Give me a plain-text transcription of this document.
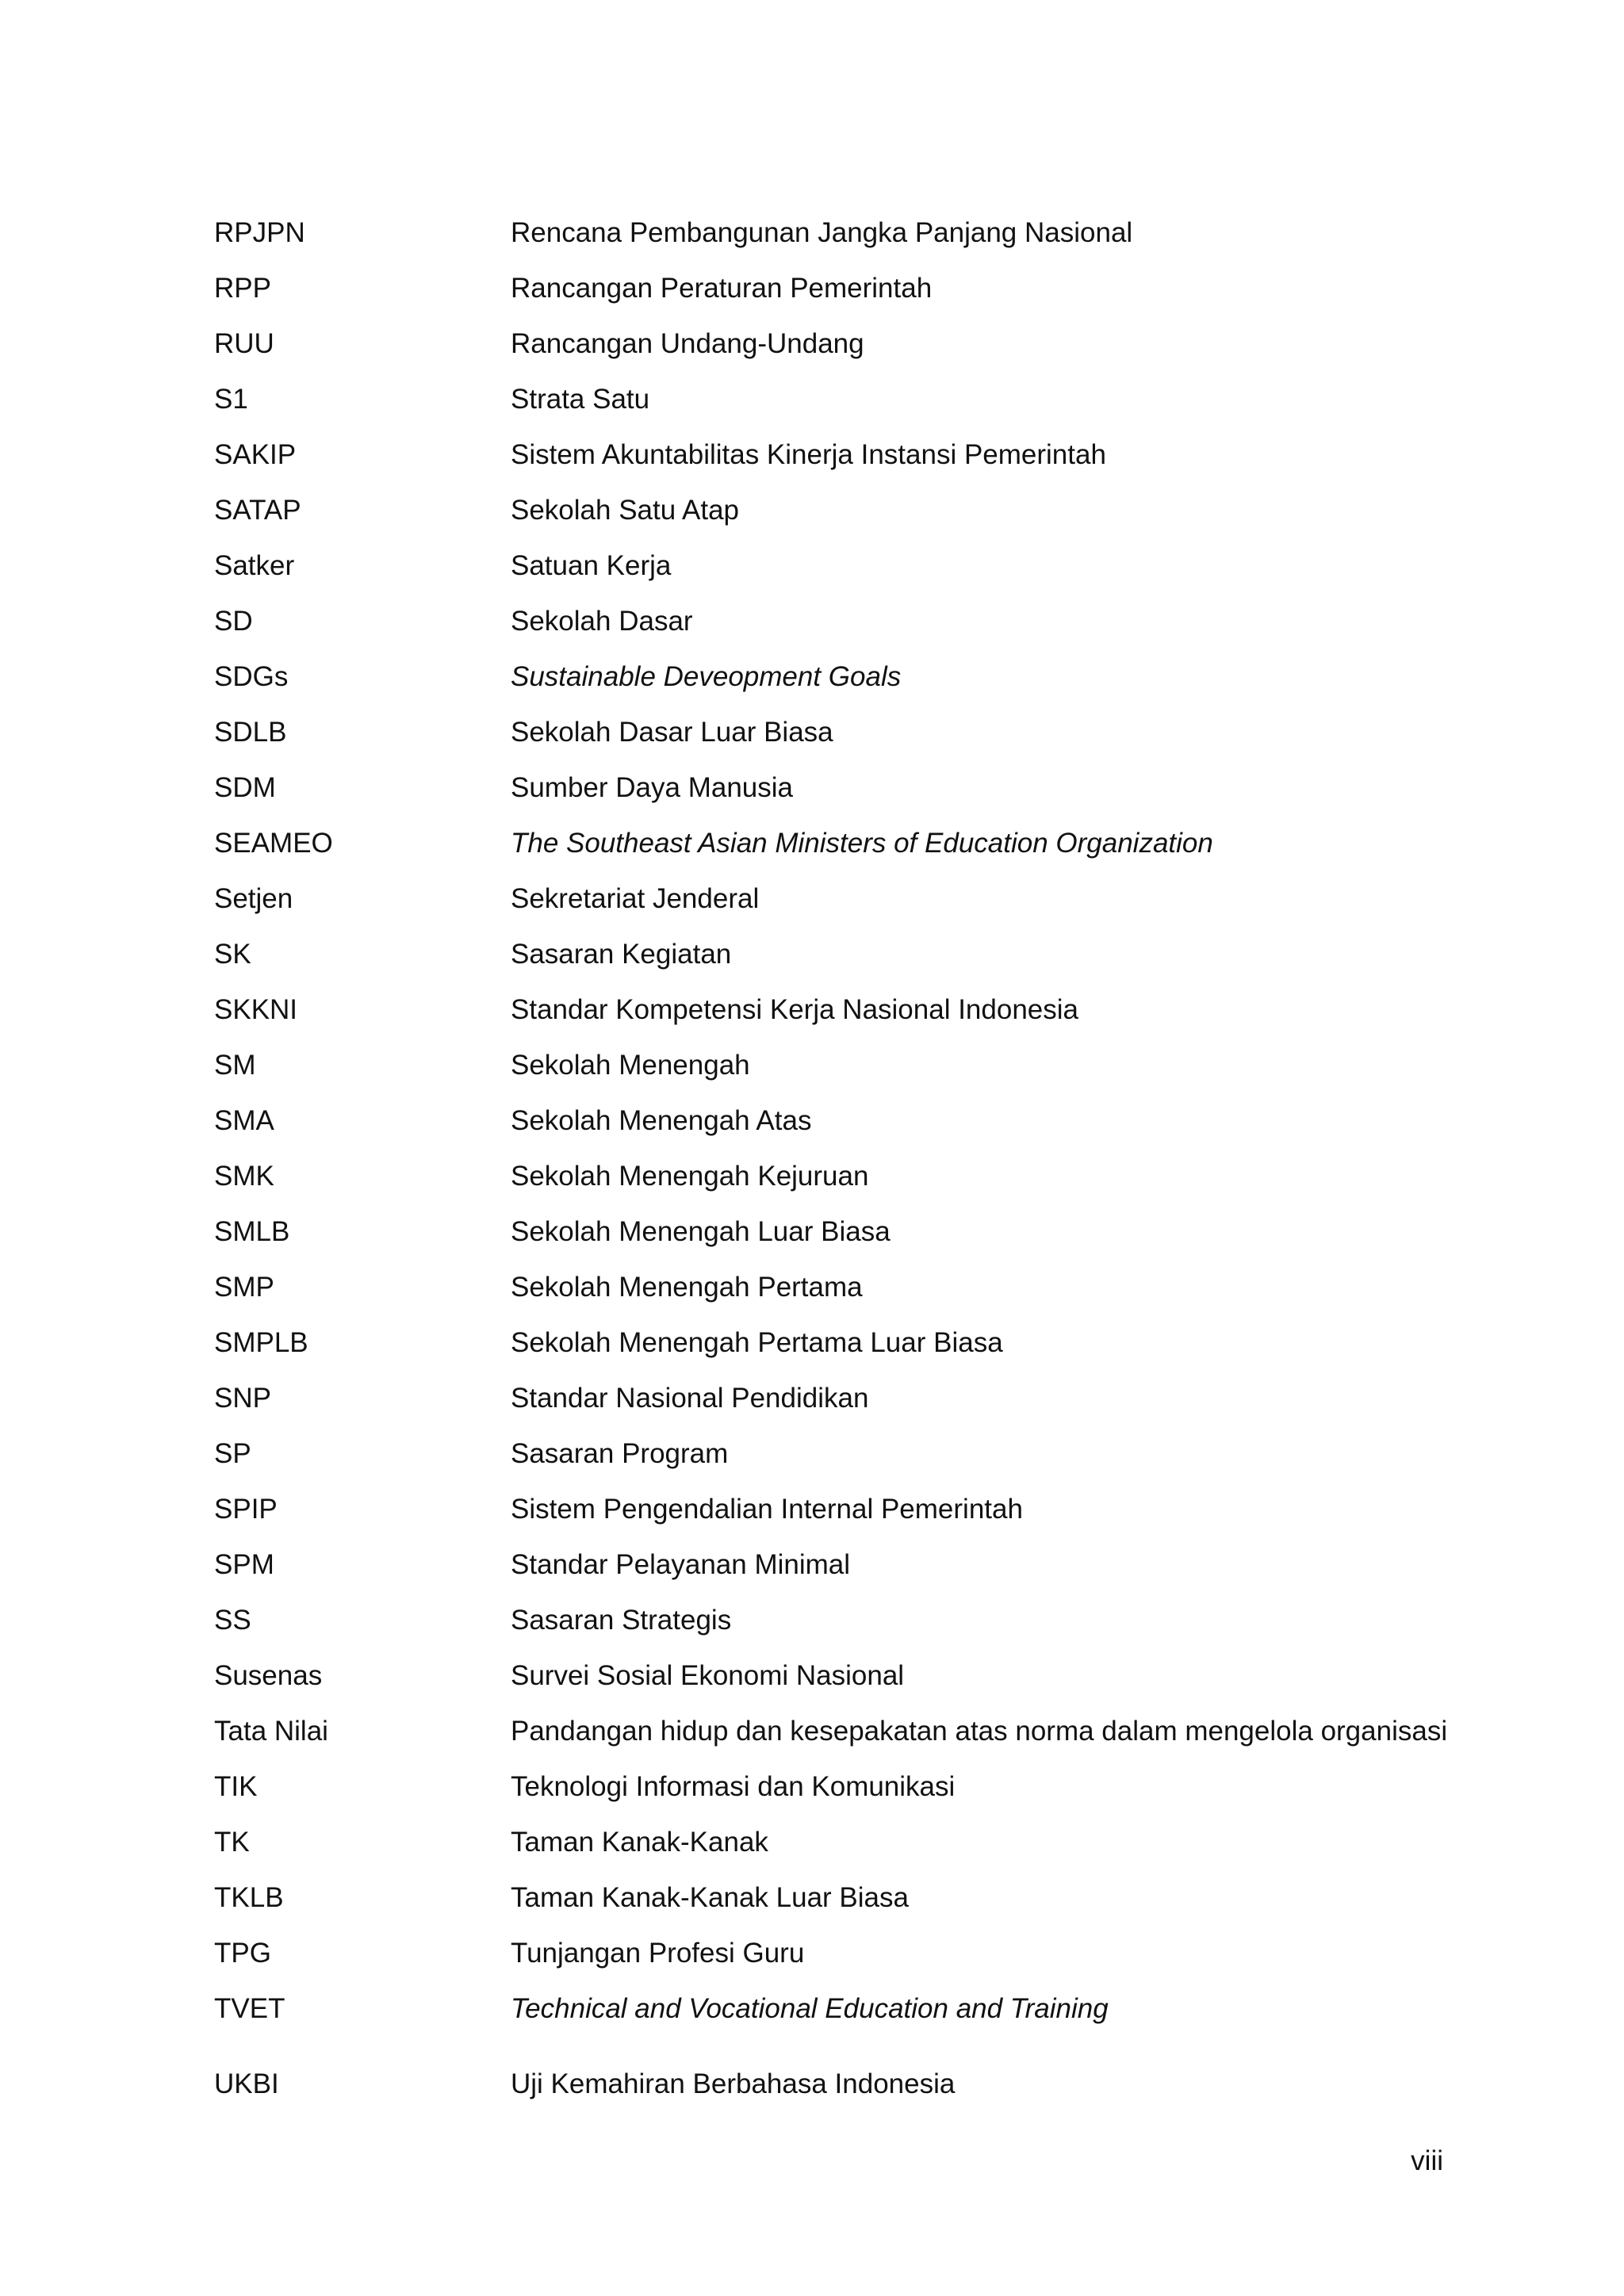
RPJPN	Rencana Pembangunan Jangka Panjang Nasional
RPP	Rancangan Peraturan Pemerintah
RUU	Rancangan Undang-Undang
S1	Strata Satu
SAKIP	Sistem Akuntabilitas Kinerja Instansi Pemerintah
SATAP	Sekolah Satu Atap
Satker	Satuan Kerja
SD	Sekolah Dasar
SDGs	Sustainable Deveopment Goals
SDLB	Sekolah Dasar Luar Biasa
SDM	Sumber Daya Manusia
SEAMEO	The Southeast Asian Ministers of Education Organization
Setjen	Sekretariat Jenderal
SK	Sasaran Kegiatan
SKKNI	Standar Kompetensi Kerja Nasional Indonesia
SM	Sekolah Menengah
SMA	Sekolah Menengah Atas
SMK	Sekolah Menengah Kejuruan
SMLB	Sekolah Menengah Luar Biasa
SMP	Sekolah Menengah Pertama
SMPLB	Sekolah Menengah Pertama Luar Biasa
SNP	Standar Nasional Pendidikan
SP	Sasaran Program
SPIP	Sistem Pengendalian Internal Pemerintah
SPM	Standar Pelayanan Minimal
SS	Sasaran Strategis
Susenas	Survei Sosial Ekonomi Nasional
Tata Nilai	Pandangan hidup dan kesepakatan atas norma dalam mengelola organisasi
TIK	Teknologi Informasi dan Komunikasi
TK	Taman Kanak-Kanak
TKLB	Taman Kanak-Kanak Luar Biasa
TPG	Tunjangan Profesi Guru
TVET	Technical and Vocational Education and Training
UKBI	Uji Kemahiran Berbahasa Indonesia
viii
